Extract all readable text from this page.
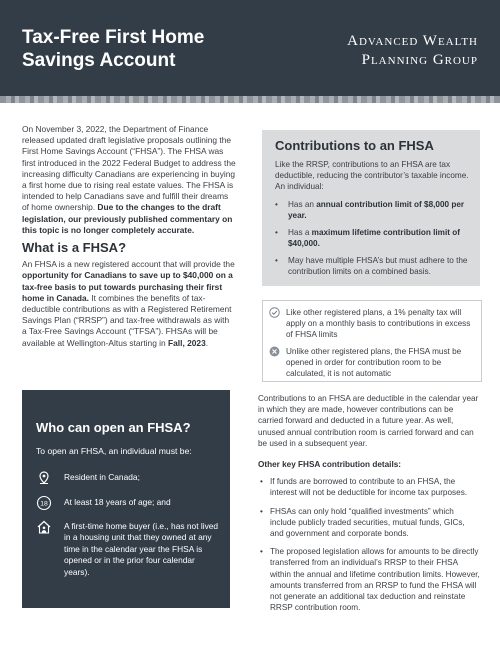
Tax-Free First Home Savings Account
Advanced Wealth
Planning Group

On November 3, 2022, the Department of Finance released updated draft legislative proposals outlining the First Home Savings Account (“FHSA”). The FHSA was first introduced in the 2022 Federal Budget to address the increasing difficulty Canadians are experiencing in buying a first home due to rising real estate values. The FHSA is intended to help Canadians save and fulfill their dreams of home ownership. Due to the changes to the draft legislation, our previously published commentary on this topic is no longer completely accurate.

What is a FHSA?

An FHSA is a new registered account that will provide the opportunity for Canadians to save up to $40,000 on a tax-free basis to put towards purchasing their first home in Canada. It combines the benefits of tax-deductible contributions as with a Registered Retirement Savings Plan (“RRSP”) and tax-free withdrawals as with a Tax-Free Savings Account (“TFSA”). FHSAs will be available at Wellington-Altus starting in Fall, 2023.

Who can open an FHSA?
To open an FHSA, an individual must be:
Resident in Canada;
18 At least 18 years of age; and
A first-time home buyer (i.e., has not lived in a housing unit that they owned at any time in the calendar year the FHSA is opened or in the prior four calendar years).
Contributions to an FHSA
Like the RRSP, contributions to an FHSA are tax deductible, reducing the contributor’s taxable income. An individual:
• Has an annual contribution limit of $8,000 per year.
• Has a maximum lifetime contribution limit of $40,000.
• May have multiple FHSA’s but must adhere to the contribution limits on a combined basis.
Like other registered plans, a 1% penalty tax will apply on a monthly basis to contributions in excess of FHSA limits
Unlike other registered plans, the FHSA must be opened in order for contribution room to be calculated, it is not automatic

Contributions to an FHSA are deductible in the calendar year in which they are made, however contributions can be carried forward and deducted in a future year. As well, unused annual contribution room is carried forward and can be used in a subsequent year.

Other key FHSA contribution details:
• If funds are borrowed to contribute to an FHSA, the interest will not be deductible for income tax purposes.
• FHSAs can only hold “qualified investments” which include publicly traded securities, mutual funds, GICs, and government and corporate bonds.
• The proposed legislation allows for amounts to be directly transferred from an individual’s RRSP to their FHSA within the annual and lifetime contribution limits. However, amounts transferred from an RRSP to fund the FHSA will not generate an additional tax deduction and reinstate RRSP contribution room.
